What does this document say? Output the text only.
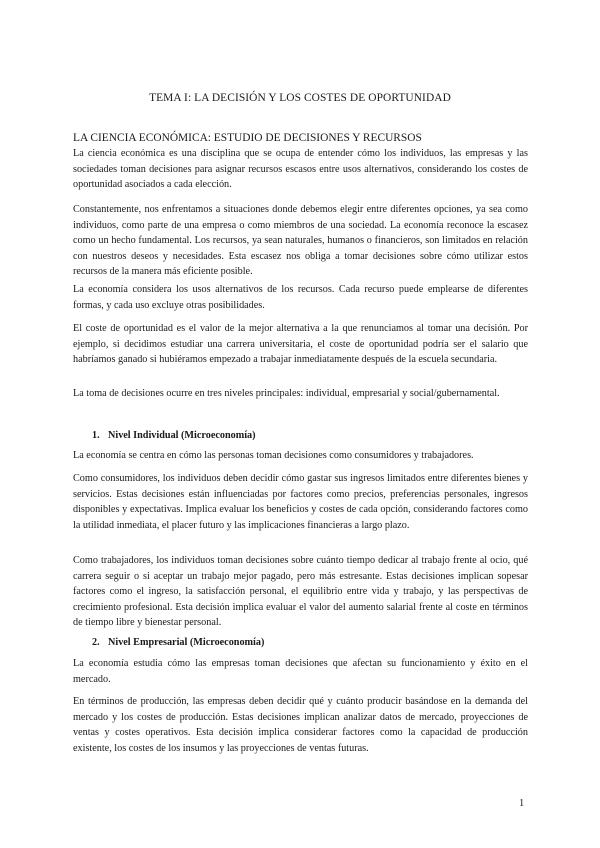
TEMA I: LA DECISIÓN Y LOS COSTES DE OPORTUNIDAD
LA CIENCIA ECONÓMICA: ESTUDIO DE DECISIONES Y RECURSOS

La ciencia económica es una disciplina que se ocupa de entender cómo los individuos, las empresas y las sociedades toman decisiones para asignar recursos escasos entre usos alternativos, considerando los costes de oportunidad asociados a cada elección.

Constantemente, nos enfrentamos a situaciones donde debemos elegir entre diferentes opciones, ya sea como individuos, como parte de una empresa o como miembros de una sociedad. La economía reconoce la escasez como un hecho fundamental. Los recursos, ya sean naturales, humanos o financieros, son limitados en relación con nuestros deseos y necesidades. Esta escasez nos obliga a tomar decisiones sobre cómo utilizar estos recursos de la manera más eficiente posible.

La economía considera los usos alternativos de los recursos. Cada recurso puede emplearse de diferentes formas, y cada uso excluye otras posibilidades.

El coste de oportunidad es el valor de la mejor alternativa a la que renunciamos al tomar una decisión. Por ejemplo, si decidimos estudiar una carrera universitaria, el coste de oportunidad podría ser el salario que habríamos ganado si hubiéramos empezado a trabajar inmediatamente después de la escuela secundaria.

La toma de decisiones ocurre en tres niveles principales: individual, empresarial y social/gubernamental.

1. Nivel Individual (Microeconomía)

La economía se centra en cómo las personas toman decisiones como consumidores y trabajadores.

Como consumidores, los individuos deben decidir cómo gastar sus ingresos limitados entre diferentes bienes y servicios. Estas decisiones están influenciadas por factores como precios, preferencias personales, ingresos disponibles y expectativas. Implica evaluar los beneficios y costes de cada opción, considerando factores como la utilidad inmediata, el placer futuro y las implicaciones financieras a largo plazo.

Como trabajadores, los individuos toman decisiones sobre cuánto tiempo dedicar al trabajo frente al ocio, qué carrera seguir o si aceptar un trabajo mejor pagado, pero más estresante. Estas decisiones implican sopesar factores como el ingreso, la satisfacción personal, el equilibrio entre vida y trabajo, y las perspectivas de crecimiento profesional. Esta decisión implica evaluar el valor del aumento salarial frente al coste en términos de tiempo libre y bienestar personal.

2. Nivel Empresarial (Microeconomía)

La economía estudia cómo las empresas toman decisiones que afectan su funcionamiento y éxito en el mercado.

En términos de producción, las empresas deben decidir qué y cuánto producir basándose en la demanda del mercado y los costes de producción. Estas decisiones implican analizar datos de mercado, proyecciones de ventas y costes operativos. Esta decisión implica considerar factores como la capacidad de producción existente, los costes de los insumos y las proyecciones de ventas futuras.

1
